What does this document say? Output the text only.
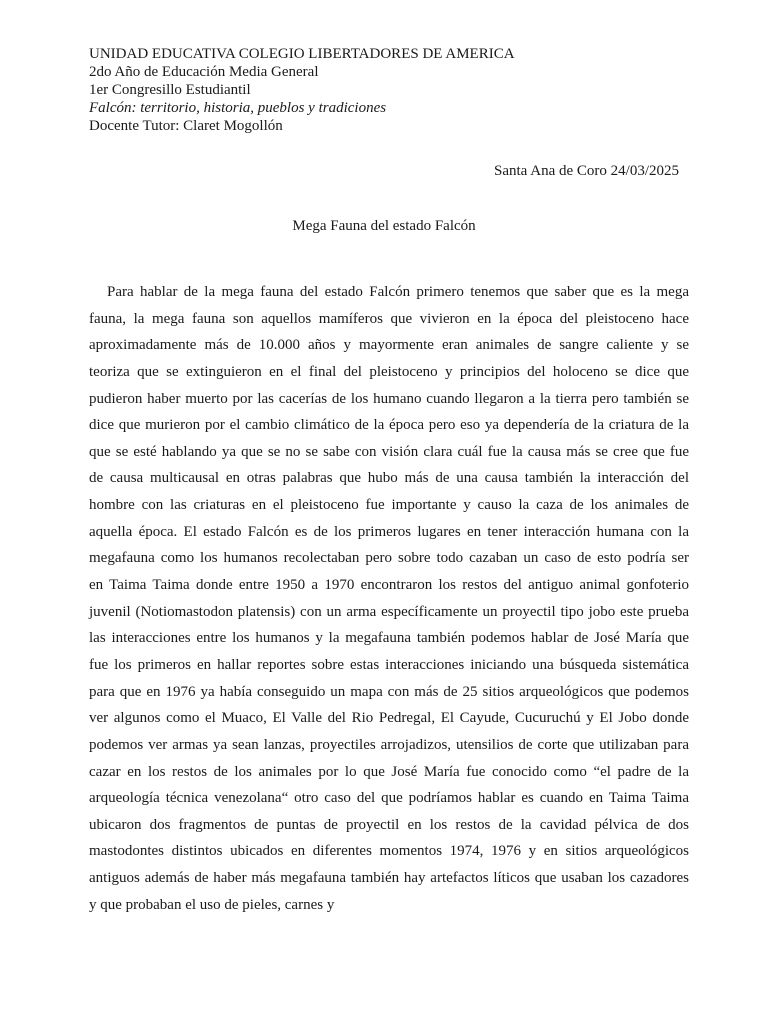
UNIDAD EDUCATIVA COLEGIO LIBERTADORES DE AMERICA
2do Año de Educación Media General
1er Congresillo Estudiantil
Falcón: territorio, historia, pueblos y tradiciones
Docente Tutor: Claret Mogollón
Santa Ana de Coro 24/03/2025
Mega Fauna del estado Falcón
Para hablar de la mega fauna del estado Falcón primero tenemos que saber que es la mega
fauna, la mega fauna son aquellos mamíferos que vivieron en la época del pleistoceno hace
aproximadamente más de 10.000 años y mayormente eran animales de sangre caliente y se
teoriza que se extinguieron en el final del pleistoceno y principios del holoceno se dice que
pudieron haber muerto por las cacerías de los humano cuando llegaron a la tierra pero también se
dice que murieron por el cambio climático de la época pero eso ya dependería de la criatura de la
que se esté hablando ya que se no se sabe con visión clara cuál fue la causa más se cree que fue
de causa multicausal en otras palabras que hubo más de una causa también la interacción del
hombre con las criaturas en el pleistoceno fue importante y causo la caza de los animales de
aquella época. El estado Falcón es de los primeros lugares en tener interacción humana con la
megafauna como los humanos recolectaban pero sobre todo cazaban un caso de esto podría ser
en Taima Taima donde entre 1950 a 1970 encontraron los restos del antiguo animal gonfoterio
juvenil (Notiomastodon platensis) con un arma específicamente un proyectil tipo jobo este prueba
las interacciones entre los humanos y la megafauna también podemos hablar de José María que
fue los primeros en hallar reportes sobre estas interacciones iniciando una búsqueda sistemática
para que en 1976 ya había conseguido un mapa con más de 25 sitios arqueológicos que podemos
ver algunos como el Muaco, El Valle del Rio Pedregal, El Cayude, Cucuruchú y El Jobo donde
podemos ver armas ya sean lanzas, proyectiles arrojadizos, utensilios de corte que utilizaban para
cazar en los restos de los animales por lo que José María fue conocido como “el padre de la
arqueología técnica venezolana“ otro caso del que podríamos hablar es cuando en Taima Taima
ubicaron dos fragmentos de puntas de proyectil en los restos de la cavidad pélvica de dos
mastodontes distintos ubicados en diferentes momentos 1974, 1976 y en sitios arqueológicos
antiguos además de haber más megafauna también hay artefactos líticos que usaban los cazadores
y que probaban el uso de pieles, carnes y
